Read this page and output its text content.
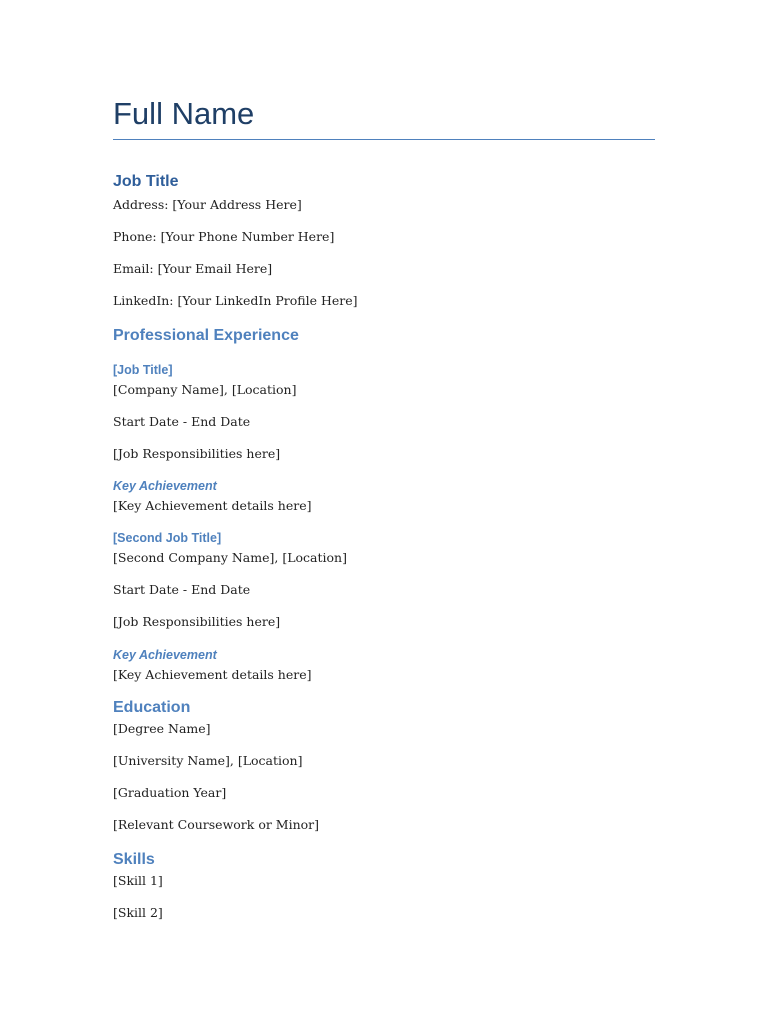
Full Name
Job Title

Address: [Your Address Here]

Phone: [Your Phone Number Here]

Email: [Your Email Here]

LinkedIn: [Your LinkedIn Profile Here]

Professional Experience
[Job Title]

[Company Name], [Location]

Start Date - End Date

[Job Responsibilities here]

Key Achievement

[Key Achievement details here]

[Second Job Title]

[Second Company Name], [Location]

Start Date - End Date

[Job Responsibilities here]

Key Achievement

[Key Achievement details here]

Education

[Degree Name]

[University Name], [Location]

[Graduation Year]

[Relevant Coursework or Minor]

Skills

[Skill 1]

[Skill 2]
